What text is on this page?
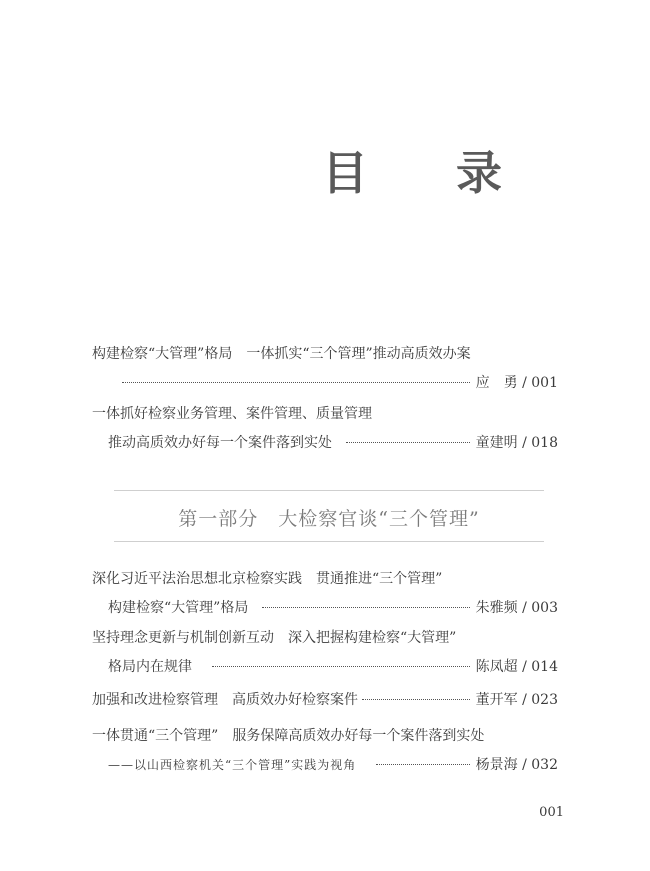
目 录
构建检察“大管理”格局　一体抓实“三个管理”推动高质效办案
应　勇 / 001
一体抓好检察业务管理、案件管理、质量管理
推动高质效办好每一个案件落到实处	童建明 / 018
第一部分　大检察官谈“三个管理”
深化习近平法治思想北京检察实践　贯通推进“三个管理”
构建检察“大管理”格局	朱雅频 / 003
坚持理念更新与机制创新互动　深入把握构建检察“大管理”
格局内在规律	陈凤超 / 014
加强和改进检察管理　高质效办好检察案件	董开军 / 023
一体贯通“三个管理”　服务保障高质效办好每一个案件落到实处
——以山西检察机关“三个管理”实践为视角	杨景海 / 032
001
